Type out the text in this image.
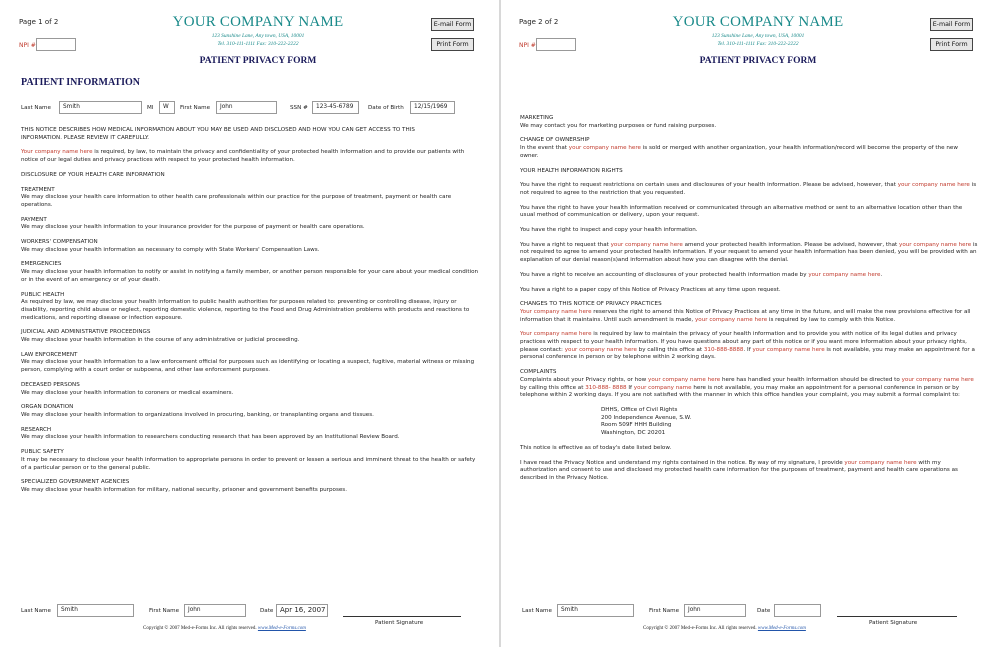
Page 1 of 2
NPI #
YOUR COMPANY NAME
123 Sunshine Lane, Any town, USA, 10001
Tel. 310-111-1111 Fax: 310-222-2222
PATIENT PRIVACY FORM
E-mail Form
Print Form
PATIENT INFORMATION
Last Name	Smith	MI	W	First Name	John	SSN #	123-45-6789	Date of Birth	12/15/1969

THIS NOTICE DESCRIBES HOW MEDICAL INFORMATION ABOUT YOU MAY BE USED AND DISCLOSED AND HOW YOU CAN GET ACCESS TO THIS
INFORMATION. PLEASE REVIEW IT CAREFULLY.

Your company name here is required, by law, to maintain the privacy and confidentiality of your protected health information and to provide our patients with notice of our legal duties and privacy practices with respect to your protected health information.

DISCLOSURE OF YOUR HEALTH CARE INFORMATION

TREATMENT

We may disclose your health care information to other health care professionals within our practice for the purpose of treatment, payment or health care operations.

PAYMENT

We may disclose your health information to your insurance provider for the purpose of payment or health care operations.

WORKERS' COMPENSATION

We may disclose your health information as necessary to comply with State Workers' Compensation Laws.

EMERGENCIES

We may disclose your health information to notify or assist in notifying a family member, or another person responsible for your care about your medical condition or in the event of an emergency or of your death.

PUBLIC HEALTH

As required by law, we may disclose your health information to public health authorities for purposes related to: preventing or controlling disease, injury or disability, reporting child abuse or neglect, reporting domestic violence, reporting to the Food and Drug Administration problems with products and reactions to medications, and reporting disease or infection exposure.

JUDICIAL AND ADMINISTRATIVE PROCEEDINGS

We may disclose your health information in the course of any administrative or judicial proceeding.

LAW ENFORCEMENT

We may disclose your health information to a law enforcement official for purposes such as identifying or locating a suspect, fugitive, material witness or missing person, complying with a court order or subpoena, and other law enforcement purposes.

DECEASED PERSONS

We may disclose your health information to coroners or medical examiners.

ORGAN DONATION

We may disclose your health information to organizations involved in procuring, banking, or transplanting organs and tissues.

RESEARCH

We may disclose your health information to researchers conducting research that has been approved by an Institutional Review Board.

PUBLIC SAFETY

It may be necessary to disclose your health information to appropriate persons in order to prevent or lessen a serious and imminent threat to the health or safety of a particular person or to the general public.

SPECIALIZED GOVERNMENT AGENCIES

We may disclose your health information for military, national security, prisoner and government benefits purposes.

Last Name	Smith	First Name	John	Date Apr 16, 2007
Patient Signature
Copyright © 2007 Med-e-Forms Inc. All rights reserved. www.Med-e-Forms.com
Page 2 of 2
NPI #
YOUR COMPANY NAME
123 Sunshine Lane, Any town, USA, 10001
Tel. 310-111-1111 Fax: 310-222-2222
PATIENT PRIVACY FORM
E-mail Form
Print Form

MARKETING

We may contact you for marketing purposes or fund raising purposes.

CHANGE OF OWNERSHIP

In the event that your company name here is sold or merged with another organization, your health information/record will become the property of the new owner.

YOUR HEALTH INFORMATION RIGHTS

You have the right to request restrictions on certain uses and disclosures of your health information. Please be advised, however, that your company name here is not required to agree to the restriction that you requested.

You have the right to have your health information received or communicated through an alternative method or sent to an alternative location other than the usual method of communication or delivery, upon your request.

You have the right to inspect and copy your health information.

You have a right to request that your company name here amend your protected health information. Please be advised, however, that your company name here is not required to agree to amend your protected health information. If your request to amend your health information has been denied, you will be provided with an explanation of our denial reason(s)and information about how you can disagree with the denial.

You have a right to receive an accounting of disclosures of your protected health information made by your company name here.

You have a right to a paper copy of this Notice of Privacy Practices at any time upon request.

CHANGES TO THIS NOTICE OF PRIVACY PRACTICES

Your company name here reserves the right to amend this Notice of Privacy Practices at any time in the future, and will make the new provisions effective for all information that it maintains. Until such amendment is made, your company name here is required by law to comply with this Notice.

Your company name here is required by law to maintain the privacy of your health information and to provide you with notice of its legal duties and privacy practices with respect to your health information. If you have questions about any part of this notice or if you want more information about your privacy rights, please contact: your company name here by calling this office at 310-888-8888. If your company name here is not available, you may make an appointment for a personal conference in person or by telephone within 2 working days.

COMPLAINTS

Complaints about your Privacy rights, or how your company name here here has handled your health information should be directed to your company name here by calling this office at 310-888- 8888 If your company name here is not available, you may make an appointment for a personal conference in person or by telephone within 2 working days. If you are not satisfied with the manner in which this office handles your complaint, you may submit a formal complaint to:

DHHS, Office of Civil Rights

200 Independence Avenue, S.W.

Room 509F HHH Building

Washington, DC 20201

This notice is effective as of today's date listed below.

I have read the Privacy Notice and understand my rights contained in the notice. By way of my signature, I provide your company name here with my authorization and consent to use and disclosed my protected health care information for the purposes of treatment, payment and health care operations as described in the Privacy Notice.

Last Name	Smith	First Name	John	Date
Patient Signature
Copyright © 2007 Med-e-Forms Inc. All rights reserved. www.Med-e-Forms.com
